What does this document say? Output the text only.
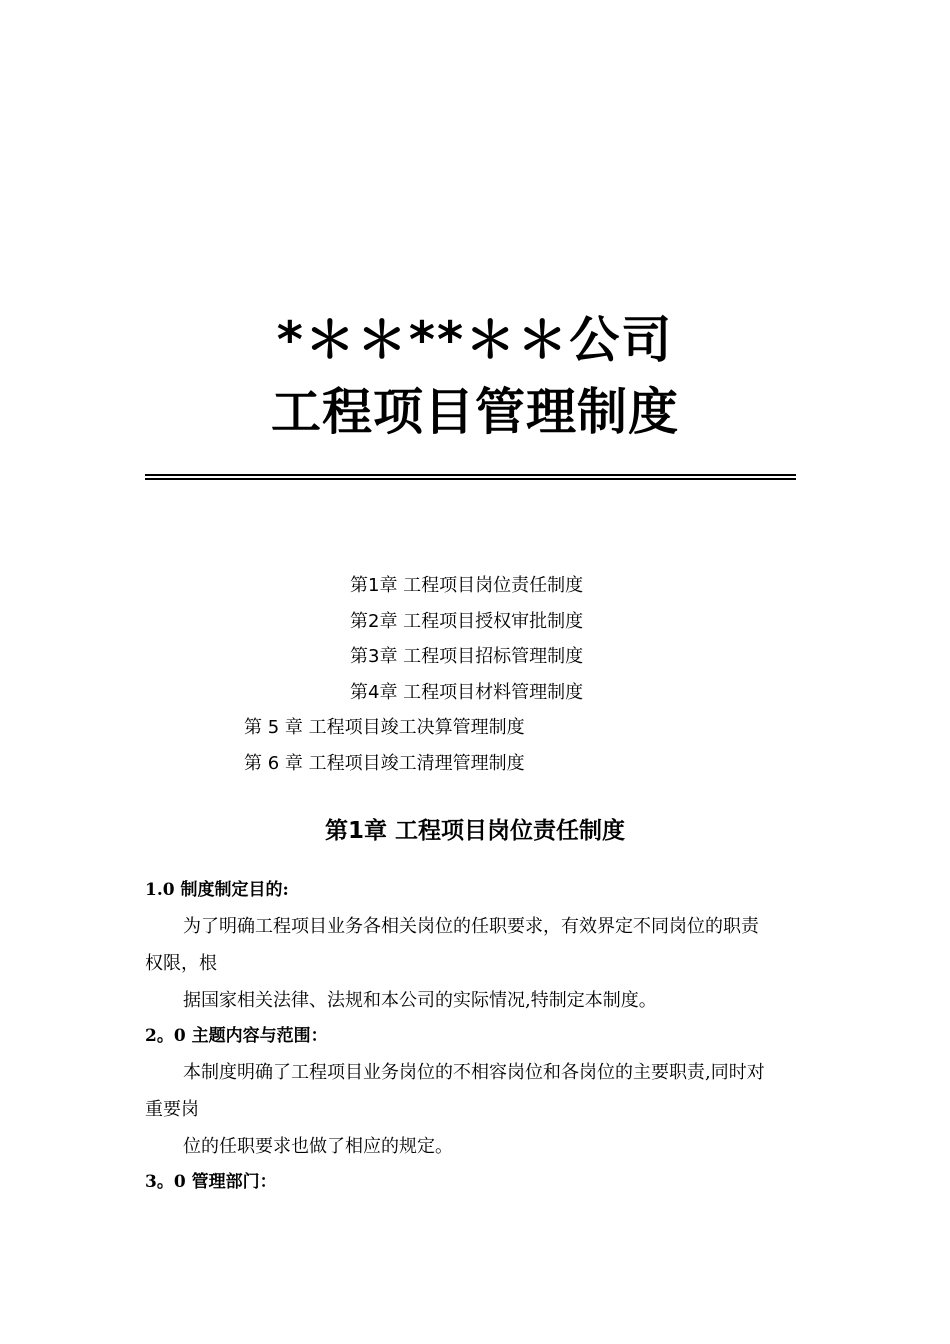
*＊＊**＊＊公司
工程项目管理制度
第1章 工程项目岗位责任制度
第2章 工程项目授权审批制度
第3章 工程项目招标管理制度
第4章 工程项目材料管理制度
第 5 章 工程项目竣工决算管理制度
第 6 章 工程项目竣工清理管理制度
第1章 工程项目岗位责任制度
1.0 制度制定目的:
为了明确工程项目业务各相关岗位的任职要求，有效界定不同岗位的职责
权限，根
据国家相关法律、法规和本公司的实际情况,特制定本制度。
2。0 主题内容与范围：
本制度明确了工程项目业务岗位的不相容岗位和各岗位的主要职责,同时对
重要岗
位的任职要求也做了相应的规定。
3。0 管理部门：
